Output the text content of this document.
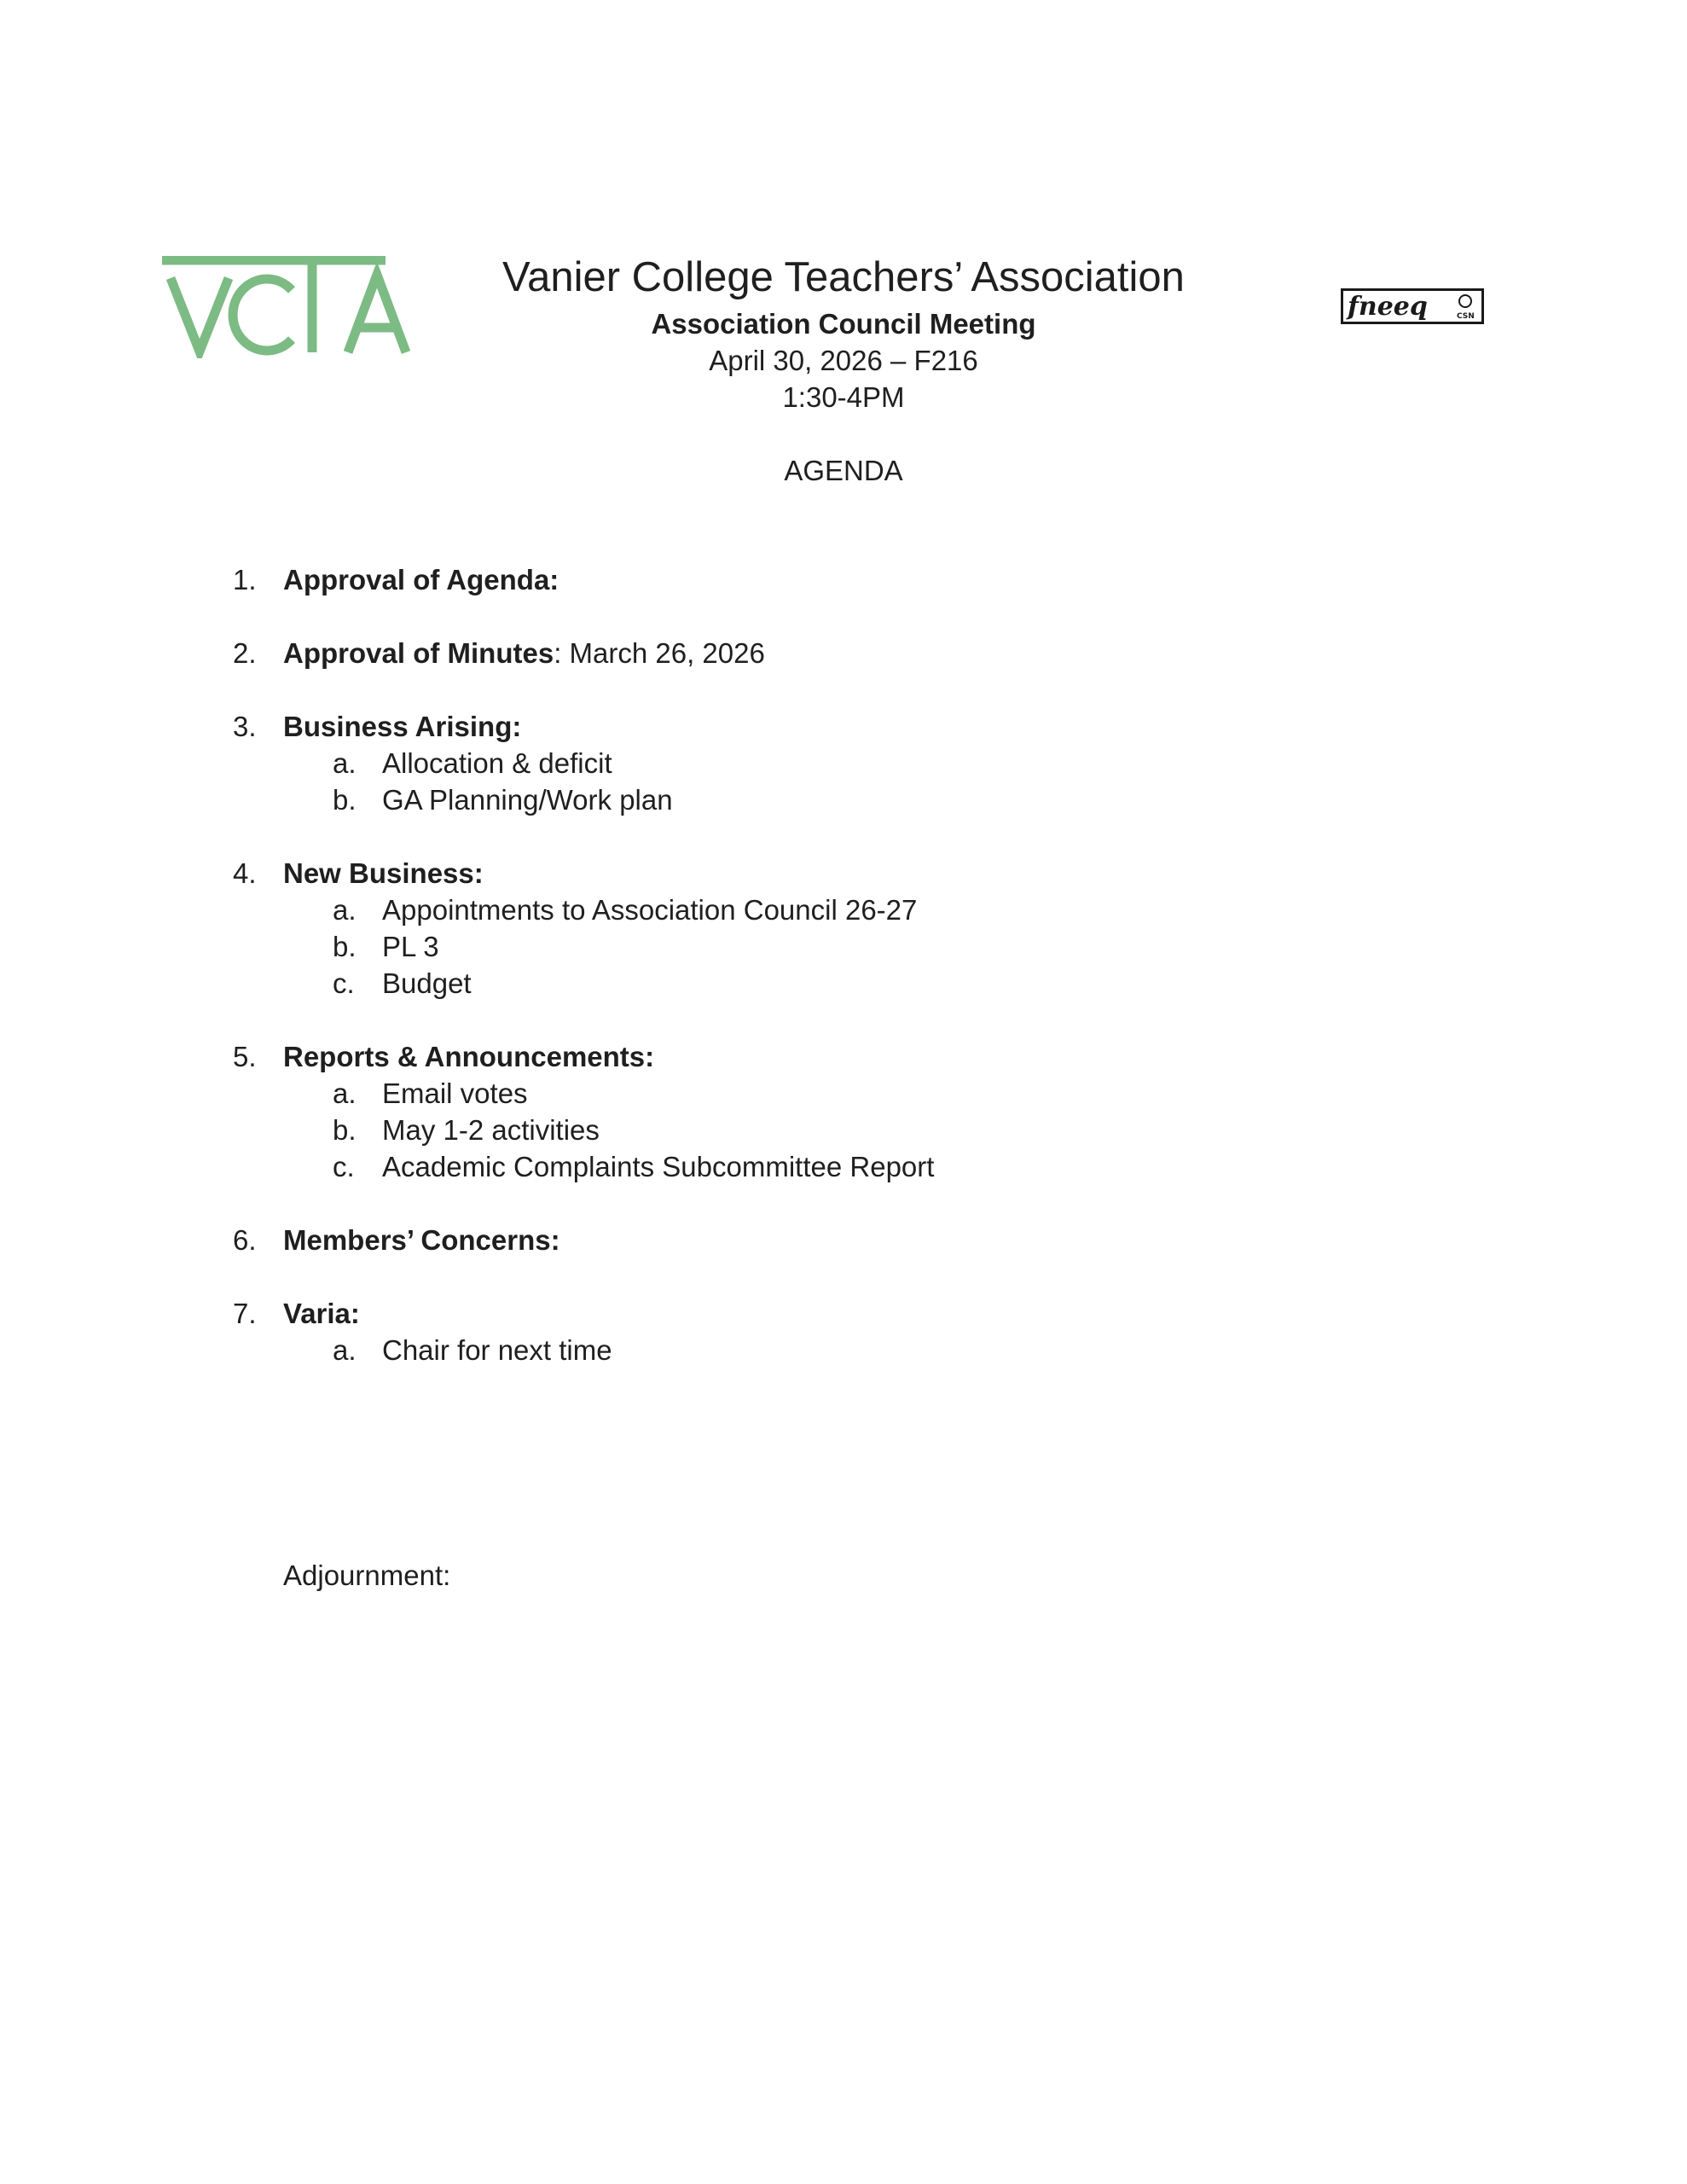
fneeq	CSN
Vanier College Teachers’ Association
Association Council Meeting
April 30, 2026 – F216
1:30-4PM
AGENDA
1. Approval of Agenda:
2. Approval of Minutes: March 26, 2026
3. Business Arising:
a. Allocation & deficit
b. GA Planning/Work plan
4. New Business:
a. Appointments to Association Council 26-27
b. PL 3
c. Budget
5. Reports & Announcements:
a. Email votes
b. May 1-2 activities
c. Academic Complaints Subcommittee Report
6. Members’ Concerns:
7. Varia:
a. Chair for next time
Adjournment:
